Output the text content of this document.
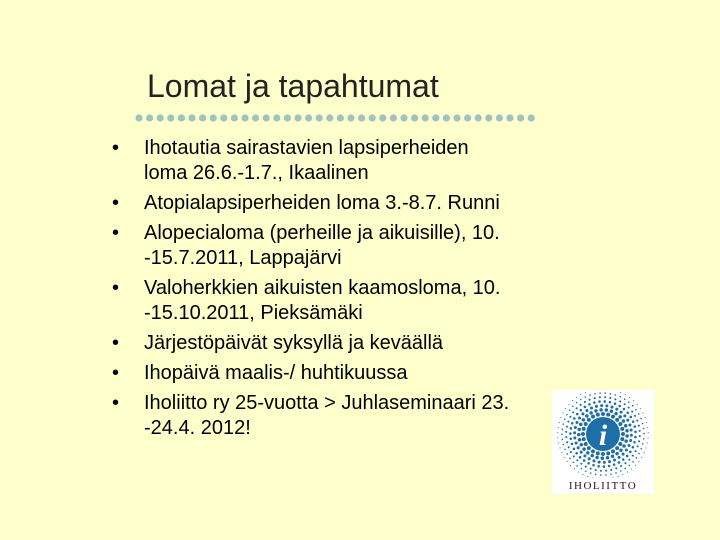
Lomat ja tapahtumat
•	Ihotautia sairastavien lapsiperheiden
loma 26.6.-1.7., Ikaalinen
•	Atopialapsiperheiden loma 3.-8.7. Runni
•	Alopecialoma (perheille ja aikuisille), 10.
-15.7.2011, Lappajärvi
•	Valoherkkien aikuisten kaamosloma, 10.
-15.10.2011, Pieksämäki
•	Järjestöpäivät syksyllä ja keväällä
•	Ihopäivä maalis-/ huhtikuussa
•	Iholiitto ry 25-vuotta > Juhlaseminaari 23.
-24.4. 2012!	i
IHOLIITTO
